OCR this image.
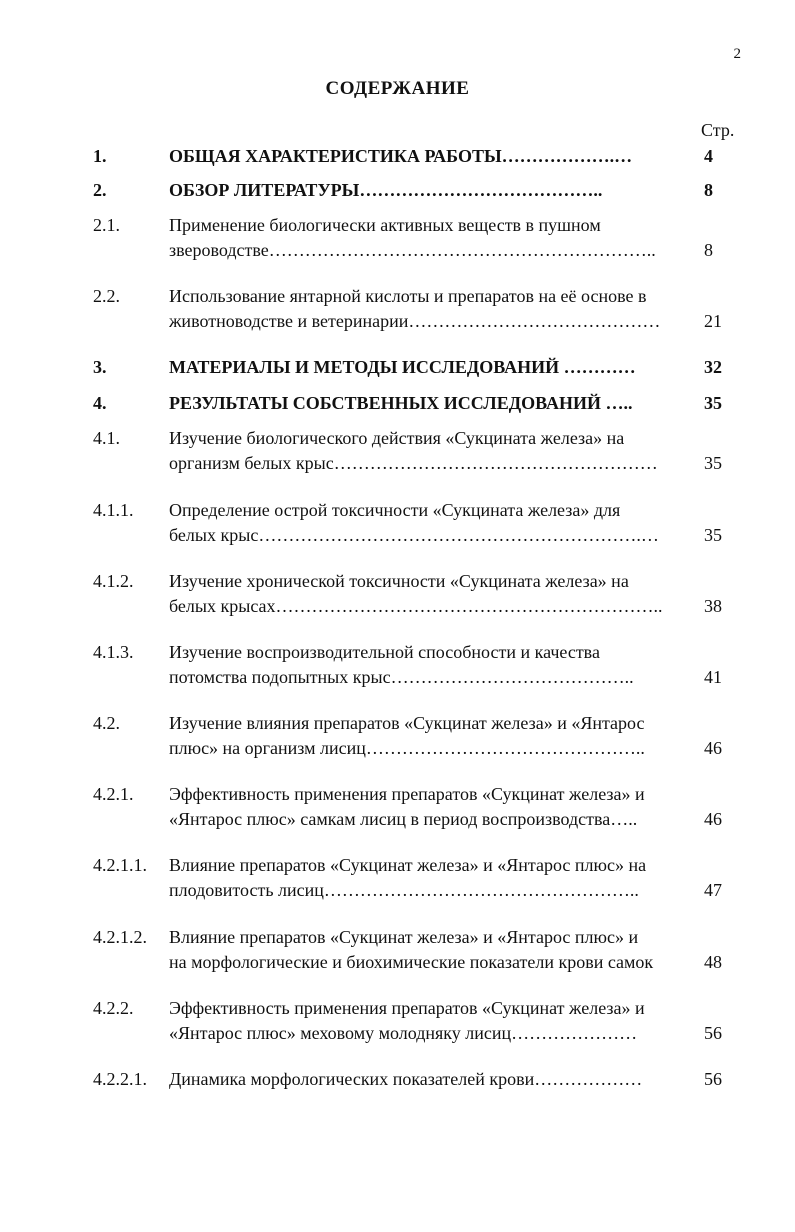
2
СОДЕРЖАНИЕ
Стр.
1.	ОБЩАЯ ХАРАКТЕРИСТИКА РАБОТЫ……………….…	4
2.	ОБЗОР ЛИТЕРАТУРЫ…………………………………..	8
2.1.	Применение биологически активных веществ в пушном
звероводстве………………………………………………………..	8
2.2.	Использование янтарной кислоты и препаратов на её основе в
животноводстве и ветеринарии……………………………………	21
3.	МАТЕРИАЛЫ И МЕТОДЫ ИССЛЕДОВАНИЙ …………	32
4.	РЕЗУЛЬТАТЫ СОБСТВЕННЫХ ИССЛЕДОВАНИЙ …..	35
4.1.	Изучение биологического действия «Сукцината железа» на
организм белых крыс………………………………………………	35
4.1.1.	Определение острой токсичности «Сукцината железа» для
белых крыс……………………………………………………….…	35
4.1.2.	Изучение хронической токсичности «Сукцината железа» на
белых крысах………………………………………………………..	38
4.1.3.	Изучение воспроизводительной способности и качества
потомства подопытных крыс…………………………………..	41
4.2.	Изучение влияния препаратов «Сукцинат железа» и «Янтарос
плюс» на организм лисиц………………………………………..	46
4.2.1.	Эффективность применения препаратов «Сукцинат железа» и
«Янтарос плюс» самкам лисиц в период воспроизводства…..	46
4.2.1.1.	Влияние препаратов «Сукцинат железа» и «Янтарос плюс» на
плодовитость лисиц……………………………………………..	47
4.2.1.2.	Влияние препаратов «Сукцинат железа» и «Янтарос плюс» и
на морфологические и биохимические показатели крови самок	48
4.2.2.	Эффективность применения препаратов «Сукцинат железа» и
«Янтарос плюс» меховому молодняку лисиц…………………	56
4.2.2.1.	Динамика морфологических показателей крови………………	56
